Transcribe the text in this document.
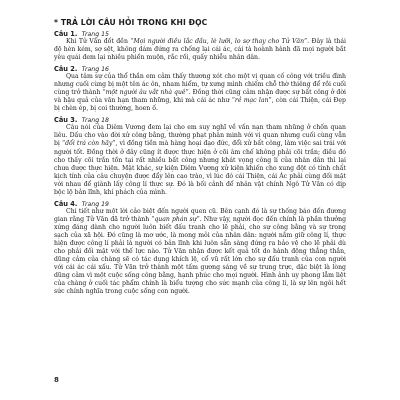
* TRẢ LỜI CÂU HỎI TRONG KHI ĐỌC
Câu 1. Trang 15

Khi Tử Văn đốt đền “Mọi người điều lắc đầu, lè lưỡi, lo sợ thay cho Tử Văn”. Đây là thái độ hèn kém, sợ sệt, không dám đứng ra chống lại cái ác, cái tà hoành hành đã mọi người bắt yêu quái đem lại nhiều phiền muộn, rắc rối, quấy nhiễu nhân dân.

Câu 2. Trang 16

Qua tâm sự của thổ thần em cảm thấy thương xót cho một vị quan cố công với triều đình nhưng cuối cùng bị một tên ác ôn, nham hiểm, tự xưng mình chiếm chỗ thờ thiêng để rồi cuối cùng trở thành “một người âu vắt nhà quê”. Đồng thời cũng cảm nhận được sự bất công ở đời và hậu quả của văn hạn tham những, khi mà cái ác như “rẻ mạc lan”, còn cái Thiện, cái Đẹp bị chèn ép, bị coi thường, hoen ố.

Câu 3. Trang 18

Câu nói của Diêm Vương đem lại cho em suy nghĩ về vấn nạn tham nhũng ở chốn quan liêu. Dấu cho vào đời xử công bằng, thường phạt phân minh với vị quan nhưng cuối cùng vẫn bị “đổi trá còn hãy”, vì đồng tiền mà hàng hoại đạo đức, đổi xử bất công, làm việc sai trái với người tốt. Đồng thời ở đây cũng ít được thực hiện ở cõi âm chế không phải cõi trần; điều đó cho thấy cõi trần tồn tại rất nhiều bất công nhưng khát vọng công lí của nhân dân thì lại chưa được thực hiện. Mặt khác, sự kiện Diêm Vương xử kiện khiến cho xung đột có tính chất kịch tính của câu chuyện được đẩy lên cao trào, vì lúc đó cái Thiện, cái Ác phải cùng đối mặt với nhau để giành lấy công lí thực sự. Đó là bối cảnh để nhân vật chính Ngô Tử Văn có dịp bộc lộ bản lĩnh, khí phách của mình.

Câu 4. Trang 19

Chi tiết như một lời cảo biệt đến người quen cũ. Bên cạnh đó là sự thống báo đến đương gian rằng Tử Văn đã trở thành “quan phán sự”. Như vậy, người đọc đến chính là phần thưởng xứng đáng dành cho người luôn biết đấu tranh cho lẽ phải, cho sự công bằng và sự trọng sạch của xã hội. Đó cũng là mơ ước, là mong mỏi của nhân dân: người nắm giữ công lí, thực hiện được công lí phải là người có bản lĩnh khi luôn sẵn sàng đứng ra bảo vệ cho lẽ phải dù cho phải đối mặt với thế lực nào. Tử Văn nhận được kết quả tốt do hành động thẳng thắn, dũng cảm của chàng sẽ có tác dụng khích lệ, cổ vũ rất lớn cho sự đấu tranh của con người với cái ác cái xấu. Tử Văn trở thành một tấm gương sáng về sự trung trực, dặc biệt là lòng dũng cảm vì một cuộc sống công bằng, hạnh phúc cho mọi người. Hình ảnh uy phong lẫm liệt của chàng ở cuối tác phẩm chính là biểu tượng cho sức mạnh của công lí, là sự lên ngôi hết sức chính nghĩa trong cuộc sống con người.

8
